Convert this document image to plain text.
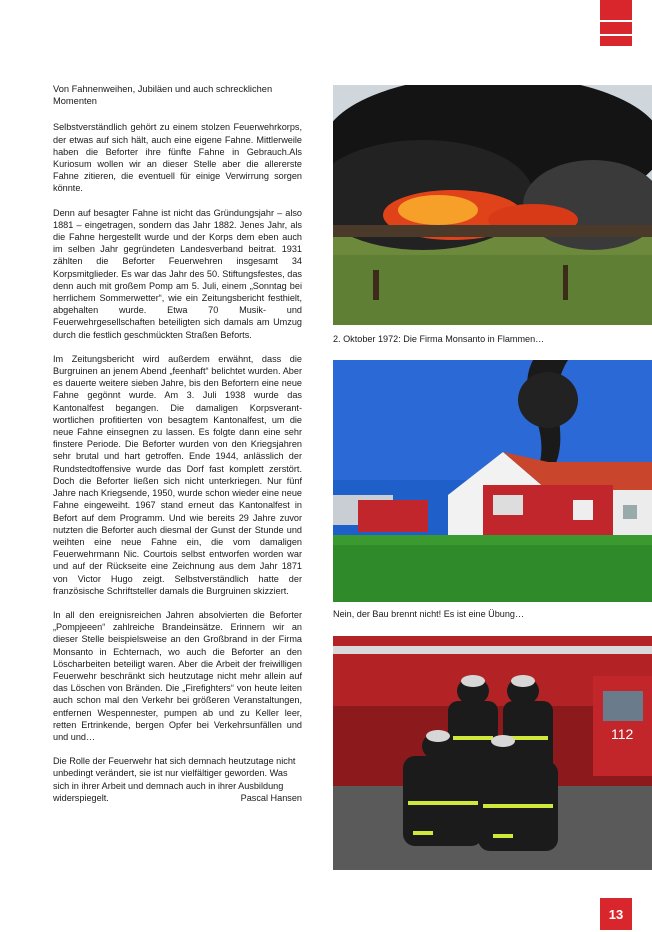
Von Fahnenweihen, Jubiläen und auch schrecklichen Momenten

Selbstverständlich gehört zu einem stolzen Feuerwehrkorps, der etwas auf sich hält, auch eine eigene Fahne. Mittlerweile haben die Beforter ihre fünfte Fahne in Gebrauch.Als Kuriosum wollen wir an dieser Stelle aber die allererste Fahne zitieren, die eventuell für einige Verwirrung sorgen könnte.

Denn auf besagter Fahne ist nicht das Gründungsjahr – also 1881 – eingetragen, sondern das Jahr 1882. Jenes Jahr, als die Fahne hergestellt wurde und der Korps dem eben auch im selben Jahr gegründeten Landesverband beitrat. 1931 zählten die Beforter Feuerwehren insgesamt 34 Korpsmitglieder. Es war das Jahr des 50. Stiftungsfestes, das denn auch mit großem Pomp am 5. Juli, einem „Sonntag bei herrlichem Sommerwetter“, wie ein Zeitungsbericht festhielt, abgehalten wurde. Etwa 70 Musik- und Feuerwehrgesellschaften beteiligten sich damals am Umzug durch die festlich geschmückten Straßen Beforts.

Im Zeitungsbericht wird außerdem erwähnt, dass die Burgruinen an jenem Abend „feenhaft“ belichtet wurden. Aber es dauerte weitere sieben Jahre, bis den Befortern eine neue Fahne gegönnt wurde. Am 3. Juli 1938 wurde das Kantonalfest begangen. Die damaligen Korpsverantwortlichen profitierten von besagtem Kantonalfest, um die neue Fahne einsegnen zu lassen. Es folgte dann eine sehr finstere Periode. Die Beforter wurden von den Kriegsjahren sehr brutal und hart getroffen. Ende 1944, anlässlich der Rundstedtoffensive wurde das Dorf fast komplett zerstört. Doch die Beforter ließen sich nicht unterkriegen. Nur fünf Jahre nach Kriegsende, 1950, wurde schon wieder eine neue Fahne eingeweiht. 1967 stand erneut das Kantonalfest in Befort auf dem Programm. Und wie bereits 29 Jahre zuvor nutzten die Beforter auch diesmal der Gunst der Stunde und weihten eine neue Fahne ein, die vom damaligen Feuerwehrmann Nic. Courtois selbst entworfen worden war und auf der Rückseite eine Zeichnung aus dem Jahr 1871 von Victor Hugo zeigt. Selbstverständlich hatte der französische Schriftsteller damals die Burgruinen skizziert.

In all den ereignisreichen Jahren absolvierten die Beforter „Pompjeeen“ zahlreiche Brandeinsätze. Erinnern wir an dieser Stelle beispielsweise an den Großbrand in der Firma Monsanto in Echternach, wo auch die Beforter an den Löscharbeiten beteiligt waren. Aber die Arbeit der freiwilligen Feuerwehr beschränkt sich heutzutage nicht mehr allein auf das Löschen von Bränden. Die „Firefighters“ von heute leiten auch schon mal den Verkehr bei größeren Veranstaltungen, entfernen Wespennester, pumpen ab und zu Keller leer, retten Ertrinkende, bergen Opfer bei Verkehrsunfällen und und und…

Die Rolle der Feuerwehr hat sich demnach heutzutage nicht unbedingt verändert, sie ist nur vielfältiger geworden. Was sich in ihrer Arbeit und demnach auch in ihrer Ausbildung widerspiegelt.	Pascal Hansen
2. Oktober 1972: Die Firma Monsanto in Flammen…
Nein, der Bau brennt nicht! Es ist eine Übung…
112
13
